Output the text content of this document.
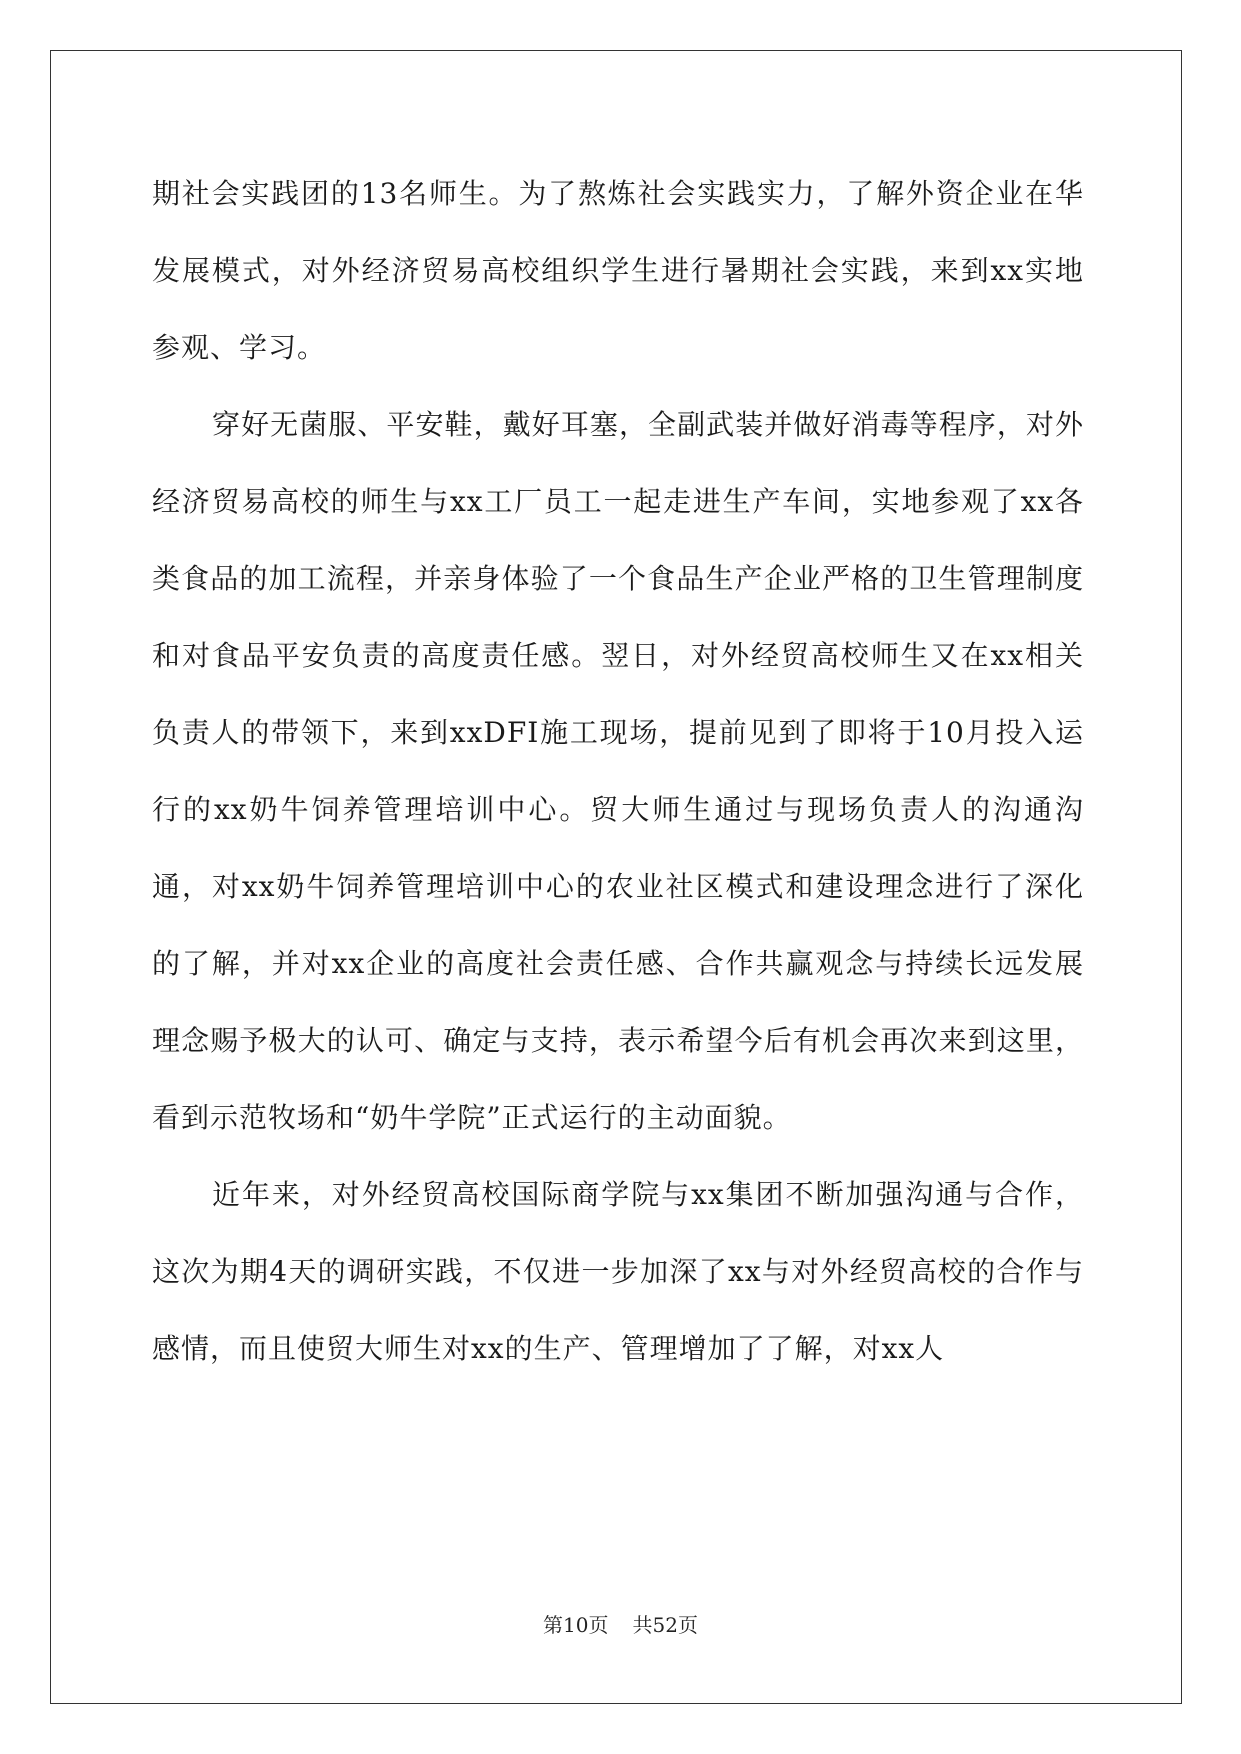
期社会实践团的13名师生。为了熬炼社会实践实力，了解外资企业在华发展模式，对外经济贸易高校组织学生进行暑期社会实践，来到xx实地参观、学习。

穿好无菌服、平安鞋，戴好耳塞，全副武装并做好消毒等程序，对外经济贸易高校的师生与xx工厂员工一起走进生产车间，实地参观了xx各类食品的加工流程，并亲身体验了一个食品生产企业严格的卫生管理制度和对食品平安负责的高度责任感。翌日，对外经贸高校师生又在xx相关负责人的带领下，来到xxDFI施工现场，提前见到了即将于10月投入运行的xx奶牛饲养管理培训中心。贸大师生通过与现场负责人的沟通沟通，对xx奶牛饲养管理培训中心的农业社区模式和建设理念进行了深化的了解，并对xx企业的高度社会责任感、合作共赢观念与持续长远发展理念赐予极大的认可、确定与支持，表示希望今后有机会再次来到这里，看到示范牧场和“奶牛学院”正式运行的主动面貌。

近年来，对外经贸高校国际商学院与xx集团不断加强沟通与合作，这次为期4天的调研实践，不仅进一步加深了xx与对外经贸高校的合作与感情，而且使贸大师生对xx的生产、管理增加了了解，对xx人

第10页 共52页
